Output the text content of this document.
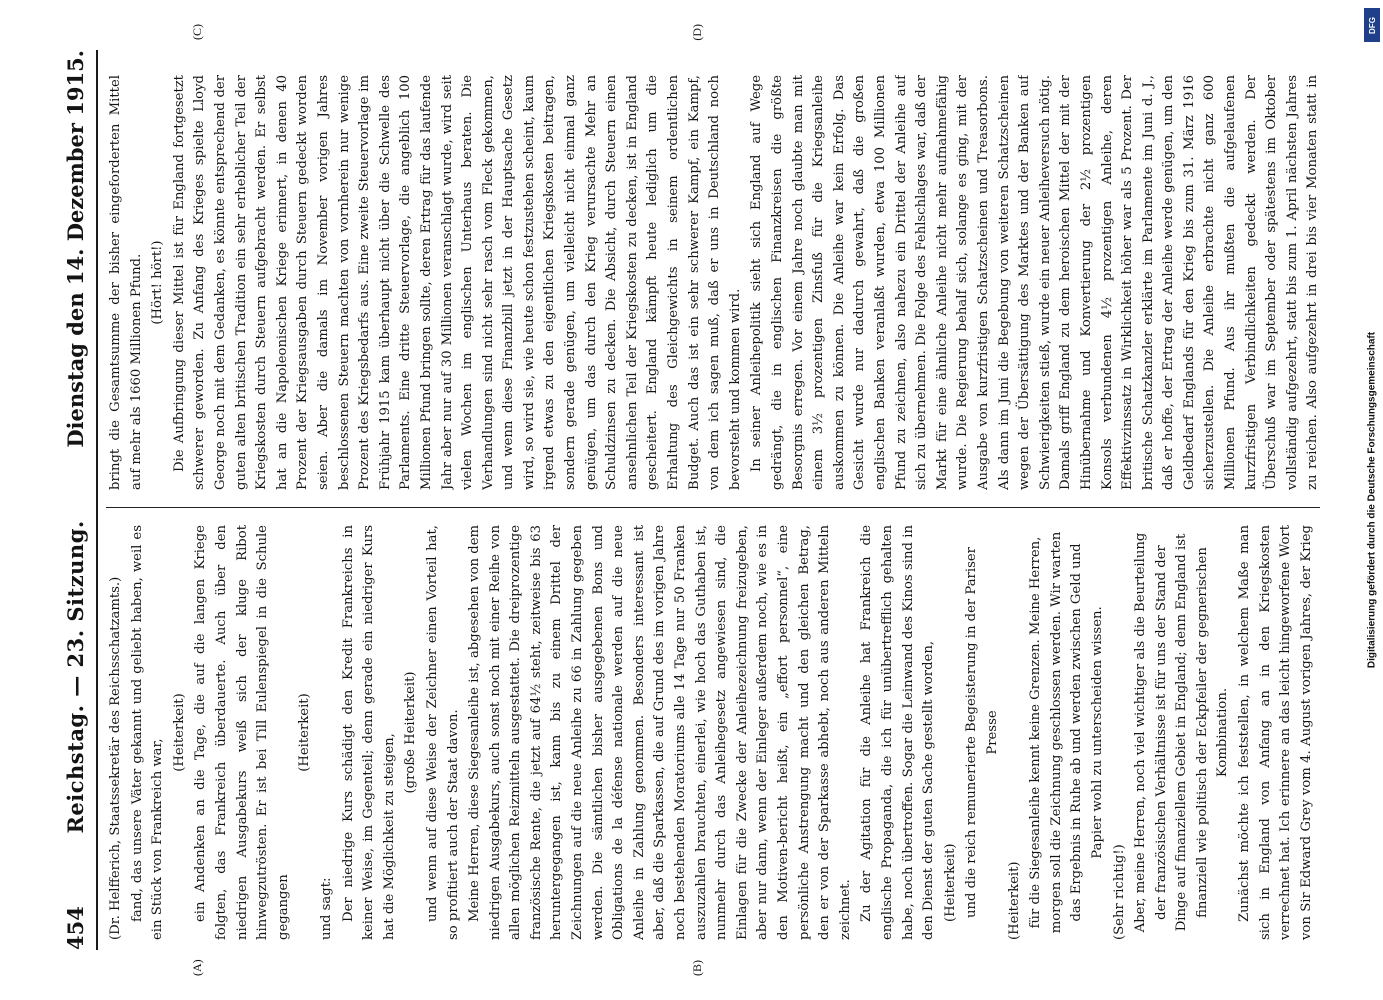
454
Reichstag. — 23. Sitzung.
Dienstag den 14. Dezember 1915.
(A)	(B)
(C)	(D)

(Dr. Helfferich, Staatssekretär des Reichsschatzamts.) fand, das unsere Väter gekannt und geliebt haben, weil es ein Stück von Frankreich war,

(Heiterkeit) ein Andenken an die Tage, die auf die langen Kriege folgten, das Frankreich überdauerte. Auch über den niedrigen Ausgabekurs weiß sich der kluge Ribot hinwegzutrösten. Er ist bei Till Eulenspiegel in die Schule gegangen

(Heiterkeit)

und sagt: Der niedrige Kurs schädigt den Kredit Frankreichs in keiner Weise, im Gegenteil; denn gerade ein niedriger Kurs hat die Möglichkeit zu steigen,

(große Heiterkeit) und wenn auf diese Weise der Zeichner einen Vorteil hat, so profitiert auch der Staat davon. Meine Herren, diese Siegesanleihe ist, abgesehen von dem niedrigen Ausgabekurs, auch sonst noch mit einer Reihe von allen möglichen Reizmitteln ausgestattet. Die dreiprozentige französische Rente, die jetzt auf 64½ steht, zeitweise bis 63 heruntergegangen ist, kann bis zu einem Drittel der Zeichnungen auf die neue Anleihe zu 66 in Zahlung gegeben werden. Die sämtlichen bisher ausgegebenen Bons und Obligations de la défense nationale werden auf die neue Anleihe in Zahlung genommen. Besonders interessant ist aber, daß die Sparkassen, die auf Grund des im vorigen Jahre noch bestehenden Moratoriums alle 14 Tage nur 50 Franken auszuzahlen brauchten, einerlei, wie hoch das Guthaben ist, nunmehr durch das Anleihegesetz angewiesen sind, die Einlagen für die Zwecke der Anleihezeichnung freizugeben, aber nur dann, wenn der Einleger außerdem noch, wie es in den Motiven-bericht heißt, ein „effort personnel“, eine persönliche Anstrengung macht und den gleichen Betrag, den er von der Sparkasse abhebt, noch aus anderen Mitteln zeichnet. Zu der Agitation für die Anleihe hat Frankreich die englische Propaganda, die ich für unübertrefflich gehalten habe, noch übertroffen. Sogar die Leinwand des Kinos sind in den Dienst der guten Sache gestellt worden, (Heiterkeit) und die reich remunerierte Begeisterung in der Pariser Presse

(Heiterkeit) für die Siegesanleihe kennt keine Grenzen. Meine Herren, morgen soll die Zeichnung geschlossen werden. Wir warten das Ergebnis in Ruhe ab und werden zwischen Geld und Papier wohl zu unterscheiden wissen.

(Sehr richtig!) Aber, meine Herren, noch viel wichtiger als die Beurteilung der französischen Verhältnisse ist für uns der Stand der Dinge auf finanziellem Gebiet in England; denn England ist finanziell wie politisch der Eckpfeiler der gegnerischen Kombination.

Zunächst möchte ich feststellen, in welchem Maße man sich in England von Anfang an in den Kriegskosten verrechnet hat. Ich erinnere an das leicht hingeworfene Wort von Sir Edward Grey vom 4. August vorigen Jahres, der Krieg

bringt die Gesamtsumme der bisher eingeforderten Mittel auf mehr als 1660 Millionen Pfund. (Hört! hört!) Die Aufbringung dieser Mittel ist für England fortgesetzt schwerer geworden. Zu Anfang des Krieges spielte Lloyd George noch mit dem Gedanken, es könnte entsprechend der guten alten britischen Tradition ein sehr erheblicher Teil der Kriegskosten durch Steuern aufgebracht werden. Er selbst hat an die Napoleonischen Kriege erinnert, in denen 40 Prozent der Kriegsausgaben durch Steuern gedeckt worden seien. Aber die damals im November vorigen Jahres beschlossenen Steuern machten von vornherein nur wenige Prozent des Kriegsbedarfs aus. Eine zweite Steuervorlage im Frühjahr 1915 kam überhaupt nicht über die Schwelle des Parlaments. Eine dritte Steuervorlage, die angeblich 100 Millionen Pfund bringen sollte, deren Ertrag für das laufende Jahr aber nur auf 30 Millionen veranschlagt wurde, wird seit vielen Wochen im englischen Unterhaus beraten. Die Verhandlungen sind nicht sehr rasch vom Fleck gekommen, und wenn diese Finanzbill jetzt in der Hauptsache Gesetz wird, so wird sie, wie heute schon festzustehen scheint, kaum irgend etwas zu den eigentlichen Kriegskosten beitragen, sondern gerade genügen, um vielleicht nicht einmal ganz genügen, um das durch den Krieg verursachte Mehr an Schuldzinsen zu decken. Die Absicht, durch Steuern einen ansehnlichen Teil der Kriegskosten zu decken, ist in England gescheitert. England kämpft heute lediglich um die Erhaltung des Gleichgewichts in seinem ordentlichen Budget. Auch das ist ein sehr schwerer Kampf, ein Kampf, von dem ich sagen muß, daß er uns in Deutschland noch bevorsteht und kommen wird. In seiner Anleihepolitik sieht sich England auf Wege gedrängt, die in englischen Finanzkreisen die größte Besorgnis erregen. Vor einem Jahre noch glaubte man mit einem 3½ prozentigen Zinsfuß für die Kriegsanleihe auskommen zu können. Die Anleihe war kein Erfolg. Das Gesicht wurde nur dadurch gewahrt, daß die großen englischen Banken veranlaßt wurden, etwa 100 Millionen Pfund zu zeichnen, also nahezu ein Drittel der Anleihe auf sich zu übernehmen. Die Folge des Fehlschlages war, daß der Markt für eine ähnliche Anleihe nicht mehr aufnahmefähig wurde. Die Regierung behalf sich, solange es ging, mit der Ausgabe von kurzfristigen Schatzscheinen und Treasorbons. Als dann im Juni die Begebung von weiteren Schatzscheinen wegen der Übersättigung des Marktes und der Banken auf Schwierigkeiten stieß, wurde ein neuer Anleiheversuch nötig. Damals griff England zu dem heroischen Mittel der mit der Hinübernahme und Konvertierung der 2½ prozentigen Konsols verbundenen 4½ prozentigen Anleihe, deren Effektivzinssatz in Wirklichkeit höher war als 5 Prozent. Der britische Schatzkanzler erklärte im Parlamente im Juni d. J., daß er hoffe, der Ertrag der Anleihe werde genügen, um den Geldbedarf Englands für den Krieg bis zum 31. März 1916 sicherzustellen. Die Anleihe erbrachte nicht ganz 600 Millionen Pfund. Aus ihr mußten die aufgelaufenen kurzfristigen Verbindlichkeiten gedeckt werden. Der Überschuß war im September oder spätestens im Oktober vollständig aufgezehrt, statt bis zum 1. April nächsten Jahres zu reichen. Also aufgezehrt in drei bis vier Monaten statt in

DFG
Digitalisierung gefördert durch die Deutsche Forschungsgemeinschaft
